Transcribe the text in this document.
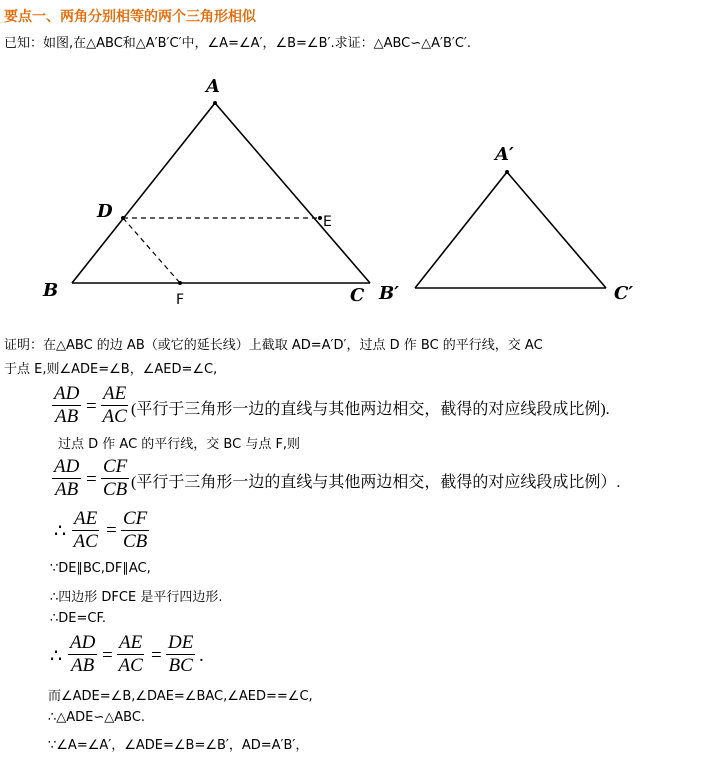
要点一、两角分别相等的两个三角形相似
已知：如图,在△ABC和△A′B′C′中，∠A=∠A′，∠B=∠B′.求证：△ABC∽△A′B′C′.
A
D	E
B	F	C
A′
B′	C′
证明：在△ABC 的边 AB（或它的延长线）上截取 AD=A′D′，过点 D 作 BC 的平行线，交 AC
于点 E,则∠ADE=∠B，∠AED=∠C,
$\frac{AD}{AB} = \frac{AE}{AC}$ (平行于三角形一边的直线与其他两边相交，截得的对应线段成比例).
过点 D 作 AC 的平行线，交 BC 与点 F,则
$\frac{AD}{AB} = \frac{CF}{CB}$ (平行于三角形一边的直线与其他两边相交，截得的对应线段成比例）.
∴ $\frac{AE}{AC} = \frac{CF}{CB}$
∵DE∥BC,DF∥AC,
∴四边形 DFCE 是平行四边形.
∴DE=CF.
∴ $\frac{AD}{AB} = \frac{AE}{AC} = \frac{DE}{BC}$ .
而∠ADE=∠B,∠DAE=∠BAC,∠AED==∠C,
∴△ADE∽△ABC.
∵∠A=∠A′，∠ADE=∠B=∠B′，AD=A′B′，
